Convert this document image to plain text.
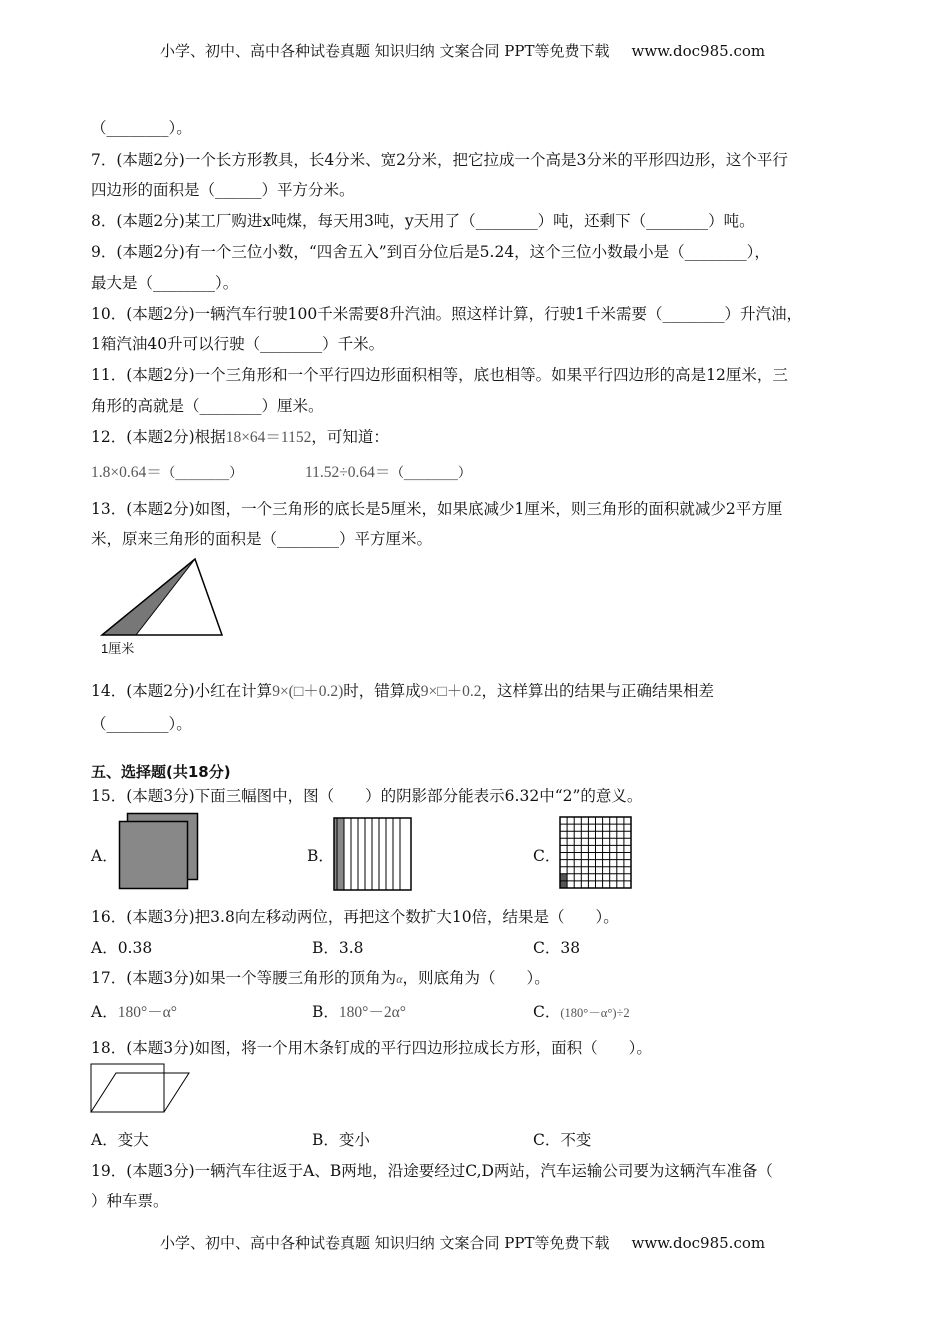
小学、初中、高中各种试卷真题 知识归纳 文案合同 PPT等免费下载 www.doc985.com
（________）。
7．(本题2分)一个长方形教具，长4分米、宽2分米，把它拉成一个高是3分米的平形四边形，这个平行
四边形的面积是（______）平方分米。
8．(本题2分)某工厂购进x吨煤，每天用3吨，y天用了（________）吨，还剩下（________）吨。
9．(本题2分)有一个三位小数，“四舍五入”到百分位后是5.24，这个三位小数最小是（________），
最大是（________）。
10．(本题2分)一辆汽车行驶100千米需要8升汽油。照这样计算，行驶1千米需要（________）升汽油，
1箱汽油40升可以行驶（________）千米。
11．(本题2分)一个三角形和一个平行四边形面积相等，底也相等。如果平行四边形的高是12厘米，三
角形的高就是（________）厘米。
12．(本题2分)根据18×64＝1152，可知道：
1.8×0.64＝（________）	11.52÷0.64＝（________）
13．(本题2分)如图，一个三角形的底长是5厘米，如果底减少1厘米，则三角形的面积就减少2平方厘
米，原来三角形的面积是（________）平方厘米。
1厘米
14．(本题2分)小红在计算9×(□＋0.2)时，错算成9×□＋0.2，这样算出的结果与正确结果相差
（________）。
五、选择题(共18分)
15．(本题3分)下面三幅图中，图（　　）的阴影部分能表示6.32中“2”的意义。
A．	B．	C．
16．(本题3分)把3.8向左移动两位，再把这个数扩大10倍，结果是（　　）。
A．0.38	B．3.8	C．38
17．(本题3分)如果一个等腰三角形的顶角为α，则底角为（　　）。
A．180°－α°	B．180°－2α°	C．(180°－α°)÷2
18．(本题3分)如图，将一个用木条钉成的平行四边形拉成长方形，面积（　　）。
A．变大	B．变小	C．不变
19．(本题3分)一辆汽车往返于A、B两地，沿途要经过C,D两站，汽车运输公司要为这辆汽车准备（
）种车票。
小学、初中、高中各种试卷真题 知识归纳 文案合同 PPT等免费下载 www.doc985.com
